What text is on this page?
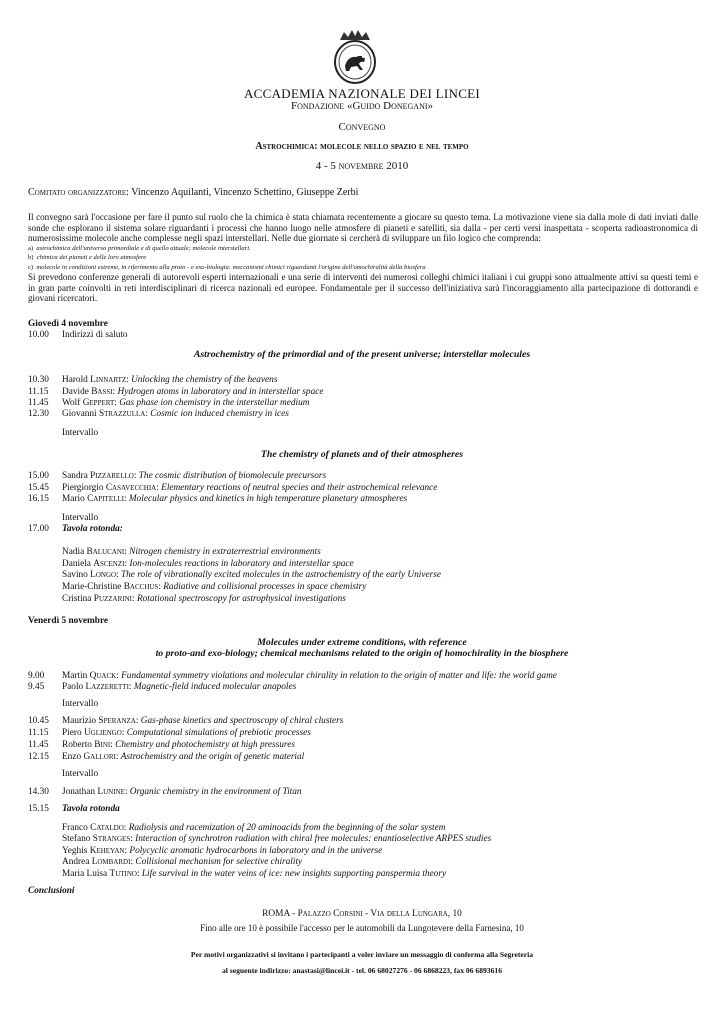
ACCADEMIA NAZIONALE DEI LINCEI
Fondazione «Guido Donegani»
Convegno
Astrochimica: molecole nello spazio e nel tempo
4 - 5 novembre 2010
Comitato organizzatore: Vincenzo Aquilanti, Vincenzo Schettino, Giuseppe Zerbi
Il convegno sarà l'occasione per fare il punto sul ruolo che la chimica è stata chiamata recentemente a giocare su questo tema. La motivazione viene sia dalla mole di dati inviati dalle sonde che esplorano il sistema solare riguardanti i processi che hanno luogo nelle atmosfere di pianeti e satelliti, sia dalla - per certi versi inaspettata - scoperta radioastronomica di numerosissime molecole anche complesse negli spazi interstellari. Nelle due giornate si cercherà di sviluppare un filo logico che comprenda:
a) astrochimica dell'universo primordiale e di quello attuale; molecole interstellari.
b) chimica dei pianeti e delle loro atmosfere
c) molecole in condizioni estreme, in riferimento alla proto - e exo-biologia: meccanismi chimici riguardanti l'origine dell'omochiralità della biosfera
Si prevedono conferenze generali di autorevoli esperti internazionali e una serie di interventi dei numerosi colleghi chimici italiani i cui gruppi sono attualmente attivi su questi temi e in gran parte coinvolti in reti interdisciplinari di ricerca nazionali ed europee. Fondamentale per il successo dell'iniziativa sarà l'incoraggiamento alla partecipazione di dottorandi e giovani ricercatori.
Giovedì 4 novembre
10.00 Indirizzi di saluto
Astrochemistry of the primordial and of the present universe; interstellar molecules
10.30 Harold Linnartz: Unlocking the chemistry of the heavens
11.15 Davide Bassi: Hydrogen atoms in laboratory and in interstellar space
11.45 Wolf Geppert: Gas phase ion chemistry in the interstellar medium
12.30 Giovanni Strazzulla: Cosmic ion induced chemistry in ices
Intervallo
The chemistry of planets and of their atmospheres
15.00 Sandra Pizzarello: The cosmic distribution of biomolecule precursors
15.45 Piergiorgio Casavecchia: Elementary reactions of neutral species and their astrochemical relevance
16.15 Mario Capitelli: Molecular physics and kinetics in high temperature planetary atmospheres
Intervallo
17.00 Tavola rotonda:
Nadia Balucani: Nitrogen chemistry in extraterrestrial environments
Daniela Ascenzi: Ion-molecules reactions in laboratory and interstellar space
Savino Longo: The role of vibrationally excited molecules in the astrochemistry of the early Universe
Marie-Christine Bacchus: Radiative and collisional processes in space chemistry
Cristina Puzzarini: Rotational spectroscopy for astrophysical investigations
Venerdì 5 novembre
Molecules under extreme conditions, with reference
to proto-and exo-biology; chemical mechanisms related to the origin of homochirality in the biosphere
9.00 Martin Quack: Fundamental symmetry violations and molecular chirality in relation to the origin of matter and life: the world game
9.45 Paolo Lazzeretti: Magnetic-field induced molecular anapoles
Intervallo
10.45 Maurizio Speranza: Gas-phase kinetics and spectroscopy of chiral clusters
11.15 Piero Ugliengo: Computational simulations of prebiotic processes
11.45 Roberto Bini: Chemistry and photochemistry at high pressures
12.15 Enzo Gallori: Astrochemistry and the origin of genetic material
Intervallo
14.30 Jonathan Lunine: Organic chemistry in the environment of Titan
15.15 Tavola rotonda
Franco Cataldo: Radiolysis and racemization of 20 aminoacids from the beginning of the solar system
Stefano Stranges: Interaction of synchrotron radiation with chiral free molecules: enantioselective ARPES studies
Yeghis Keheyan: Polycyclic aromatic hydrocarbons in laboratory and in the universe
Andrea Lombardi: Collisional mechanism for selective chirality
Maria Luisa Tutino: Life survival in the water veins of ice: new insights supporting panspermia theory
Conclusioni
ROMA - Palazzo Corsini - Via della Lungara, 10
Fino alle ore 10 è possibile l'accesso per le automobili da Lungotevere della Farnesina, 10
Per motivi organizzativi si invitano i partecipanti a voler inviare un messaggio di conferma alla Segreteria
al seguente indirizzo: anastasi@lincei.it - tel. 06 68027276 - 06 6868223, fax 06 6893616
